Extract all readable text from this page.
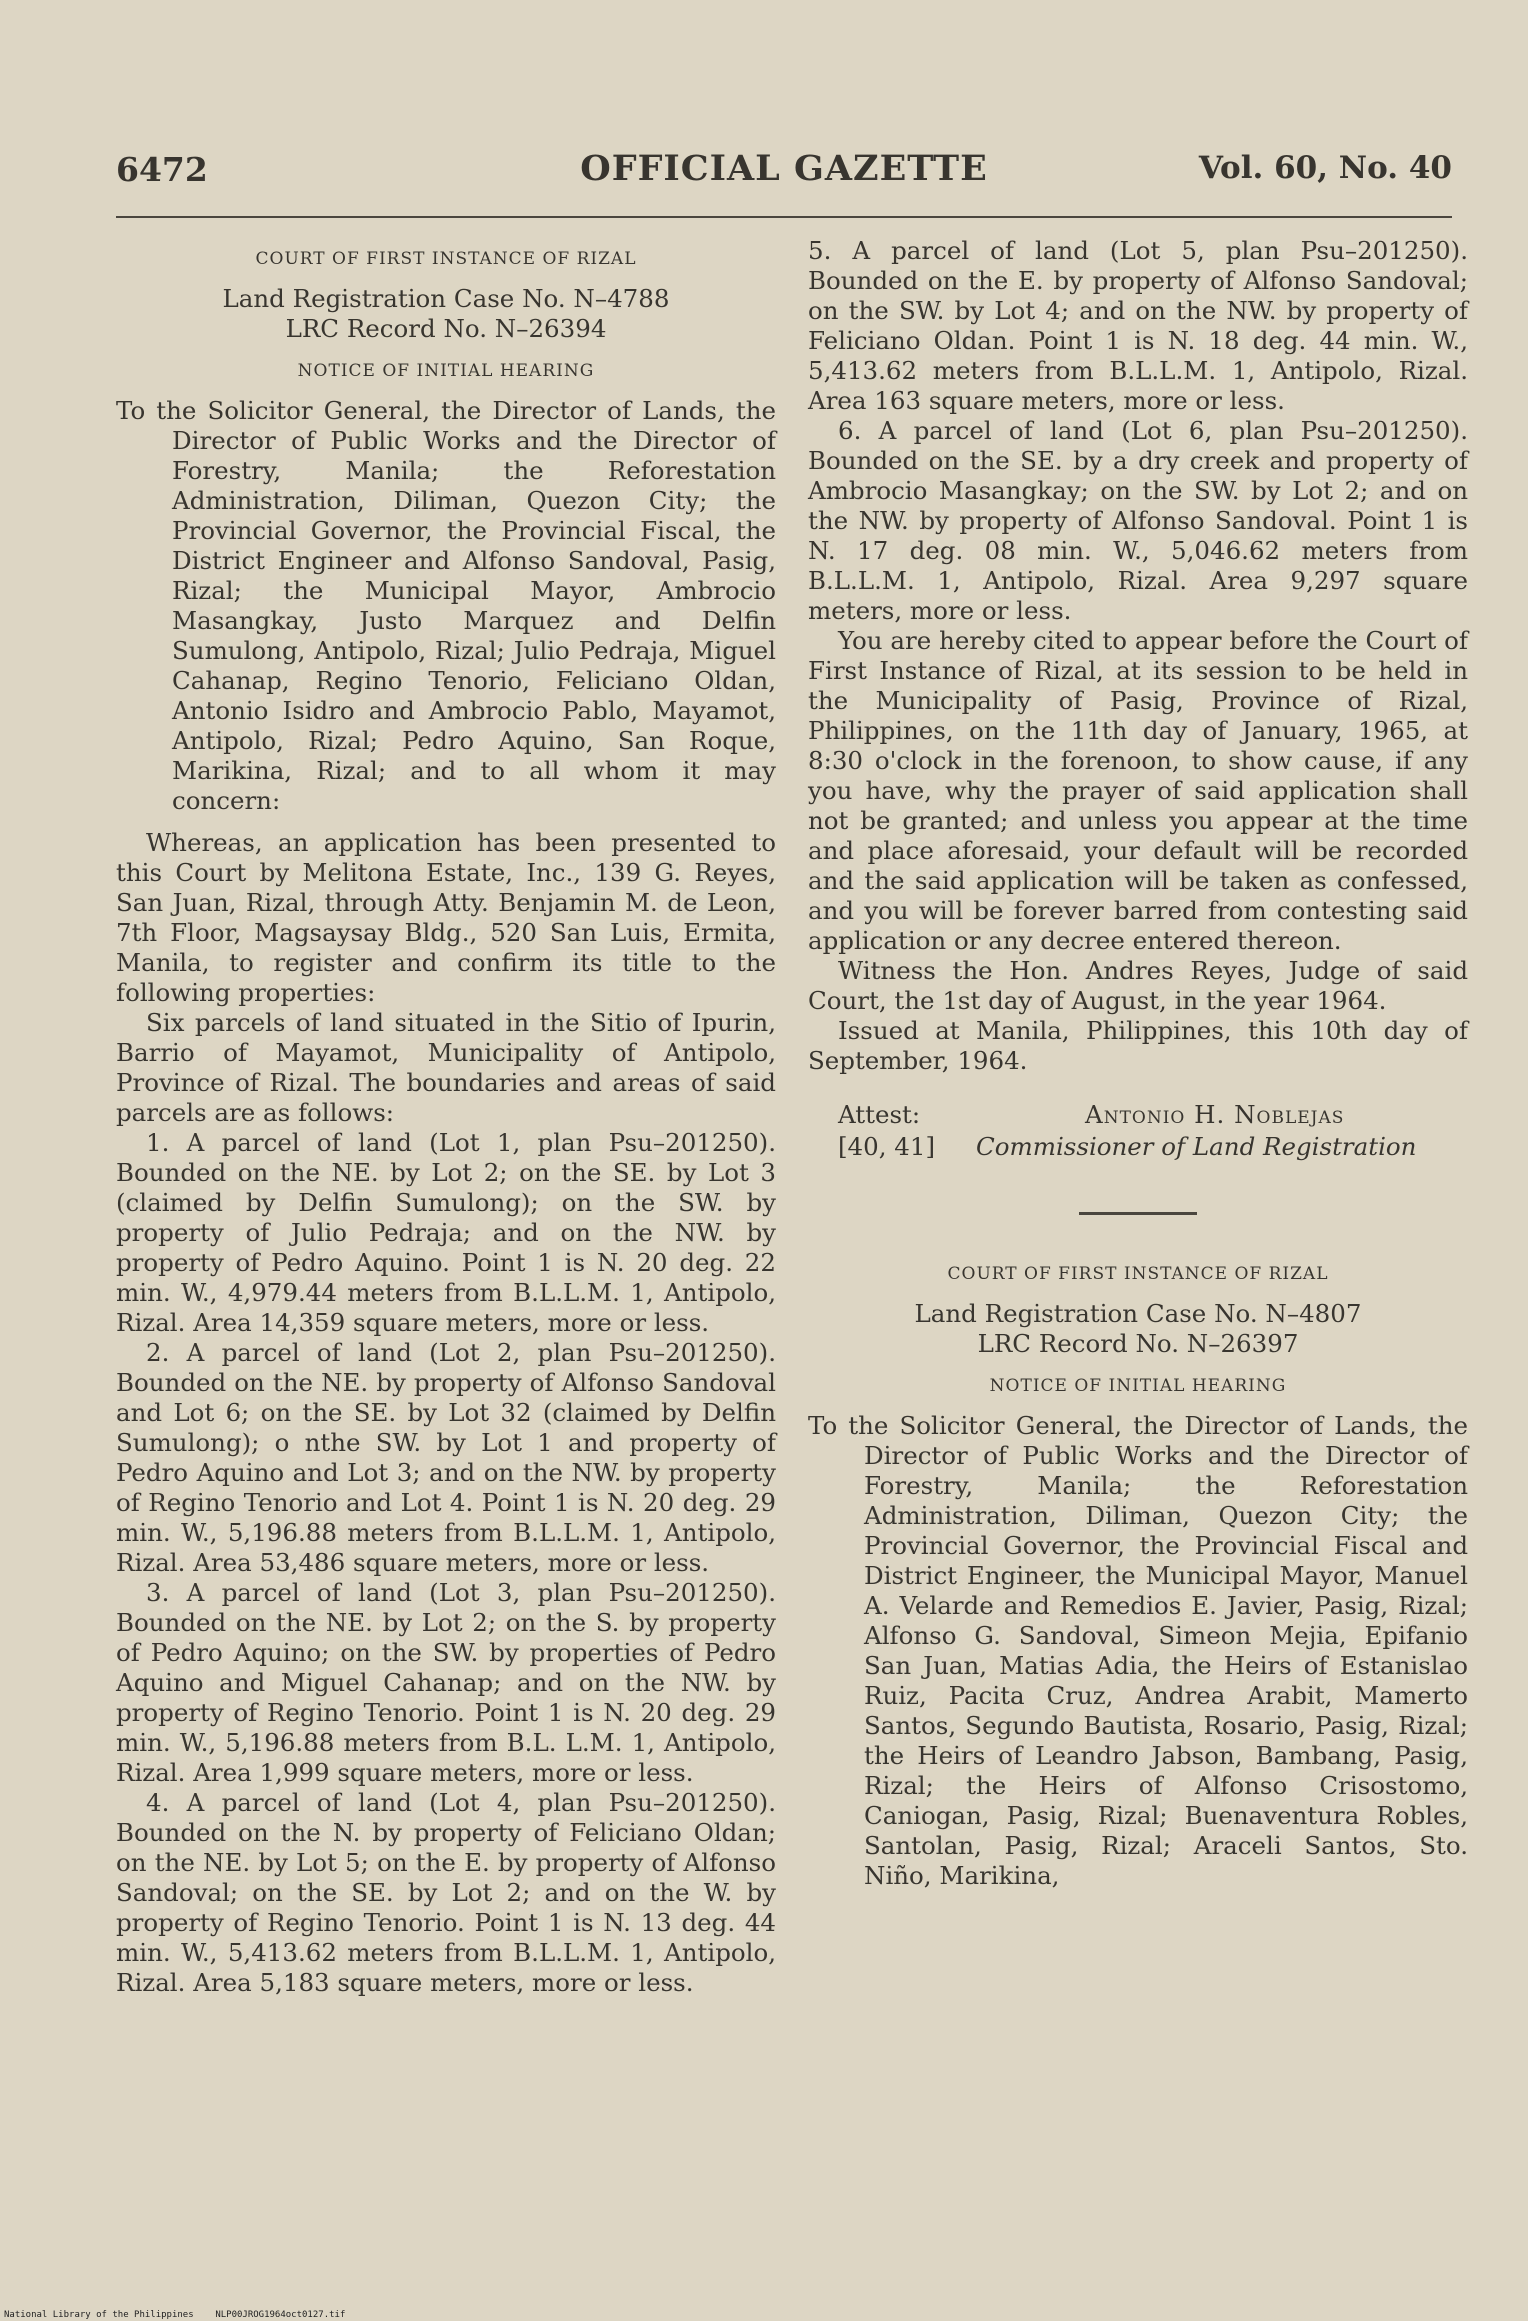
6472	OFFICIAL GAZETTE	Vol. 60, No. 40
COURT OF FIRST INSTANCE OF RIZAL
Land Registration Case No. N–4788
LRC Record No. N–26394
NOTICE OF INITIAL HEARING
To the Solicitor General, the Director of Lands, the Director of Public Works and the Director of Forestry, Manila; the Reforestation Administration, Diliman, Quezon City; the Provincial Governor, the Provincial Fiscal, the District Engineer and Alfonso Sandoval, Pasig, Rizal; the Municipal Mayor, Ambrocio Masangkay, Justo Marquez and Delfin Sumulong, Antipolo, Rizal; Julio Pedraja, Miguel Cahanap, Regino Tenorio, Feliciano Oldan, Antonio Isidro and Ambrocio Pablo, Mayamot, Antipolo, Rizal; Pedro Aquino, San Roque, Marikina, Rizal; and to all whom it may concern:

Whereas, an application has been presented to this Court by Melitona Estate, Inc., 139 G. Reyes, San Juan, Rizal, through Atty. Benjamin M. de Leon, 7th Floor, Magsaysay Bldg., 520 San Luis, Ermita, Manila, to register and confirm its title to the following properties:

Six parcels of land situated in the Sitio of Ipurin, Barrio of Mayamot, Municipality of Antipolo, Province of Rizal. The boundaries and areas of said parcels are as follows:

1. A parcel of land (Lot 1, plan Psu–201250). Bounded on the NE. by Lot 2; on the SE. by Lot 3 (claimed by Delfin Sumulong); on the SW. by property of Julio Pedraja; and on the NW. by property of Pedro Aquino. Point 1 is N. 20 deg. 22 min. W., 4,979.44 meters from B.L.L.M. 1, Antipolo, Rizal. Area 14,359 square meters, more or less.

2. A parcel of land (Lot 2, plan Psu–201250). Bounded on the NE. by property of Alfonso Sandoval and Lot 6; on the SE. by Lot 32 (claimed by Delfin Sumulong); o nthe SW. by Lot 1 and property of Pedro Aquino and Lot 3; and on the NW. by property of Regino Tenorio and Lot 4. Point 1 is N. 20 deg. 29 min. W., 5,196.88 meters from B.L.L.M. 1, Antipolo, Rizal. Area 53,486 square meters, more or less.

3. A parcel of land (Lot 3, plan Psu–201250). Bounded on the NE. by Lot 2; on the S. by property of Pedro Aquino; on the SW. by properties of Pedro Aquino and Miguel Cahanap; and on the NW. by property of Regino Tenorio. Point 1 is N. 20 deg. 29 min. W., 5,196.88 meters from B.L. L.M. 1, Antipolo, Rizal. Area 1,999 square meters, more or less.

4. A parcel of land (Lot 4, plan Psu–201250). Bounded on the N. by property of Feliciano Oldan; on the NE. by Lot 5; on the E. by property of Alfonso Sandoval; on the SE. by Lot 2; and on the W. by property of Regino Tenorio. Point 1 is N. 13 deg. 44 min. W., 5,413.62 meters from B.L.L.M. 1, Antipolo, Rizal. Area 5,183 square meters, more or less.

5. A parcel of land (Lot 5, plan Psu–201250). Bounded on the E. by property of Alfonso Sandoval; on the SW. by Lot 4; and on the NW. by property of Feliciano Oldan. Point 1 is N. 18 deg. 44 min. W., 5,413.62 meters from B.L.L.M. 1, Antipolo, Rizal. Area 163 square meters, more or less.

6. A parcel of land (Lot 6, plan Psu–201250). Bounded on the SE. by a dry creek and property of Ambrocio Masangkay; on the SW. by Lot 2; and on the NW. by property of Alfonso Sandoval. Point 1 is N. 17 deg. 08 min. W., 5,046.62 meters from B.L.L.M. 1, Antipolo, Rizal. Area 9,297 square meters, more or less.

You are hereby cited to appear before the Court of First Instance of Rizal, at its session to be held in the Municipality of Pasig, Province of Rizal, Philippines, on the 11th day of January, 1965, at 8:30 o'clock in the forenoon, to show cause, if any you have, why the prayer of said application shall not be granted; and unless you appear at the time and place aforesaid, your default will be recorded and the said application will be taken as confessed, and you will be forever barred from contesting said application or any decree entered thereon.

Witness the Hon. Andres Reyes, Judge of said Court, the 1st day of August, in the year 1964.

Issued at Manila, Philippines, this 10th day of September, 1964.

Attest:
[40, 41]
Antonio H. Noblejas
Commissioner of Land Registration
COURT OF FIRST INSTANCE OF RIZAL
Land Registration Case No. N–4807
LRC Record No. N–26397
NOTICE OF INITIAL HEARING
To the Solicitor General, the Director of Lands, the Director of Public Works and the Director of Forestry, Manila; the Reforestation Administration, Diliman, Quezon City; the Provincial Governor, the Provincial Fiscal and District Engineer, the Municipal Mayor, Manuel A. Velarde and Remedios E. Javier, Pasig, Rizal; Alfonso G. Sandoval, Simeon Mejia, Epifanio San Juan, Matias Adia, the Heirs of Estanislao Ruiz, Pacita Cruz, Andrea Arabit, Mamerto Santos, Segundo Bautista, Rosario, Pasig, Rizal; the Heirs of Leandro Jabson, Bambang, Pasig, Rizal; the Heirs of Alfonso Crisostomo, Caniogan, Pasig, Rizal; Buenaventura Robles, Santolan, Pasig, Rizal; Araceli Santos, Sto. Niño, Marikina,
National Library of the Philippines    NLP00JROG1964oct0127.tif
